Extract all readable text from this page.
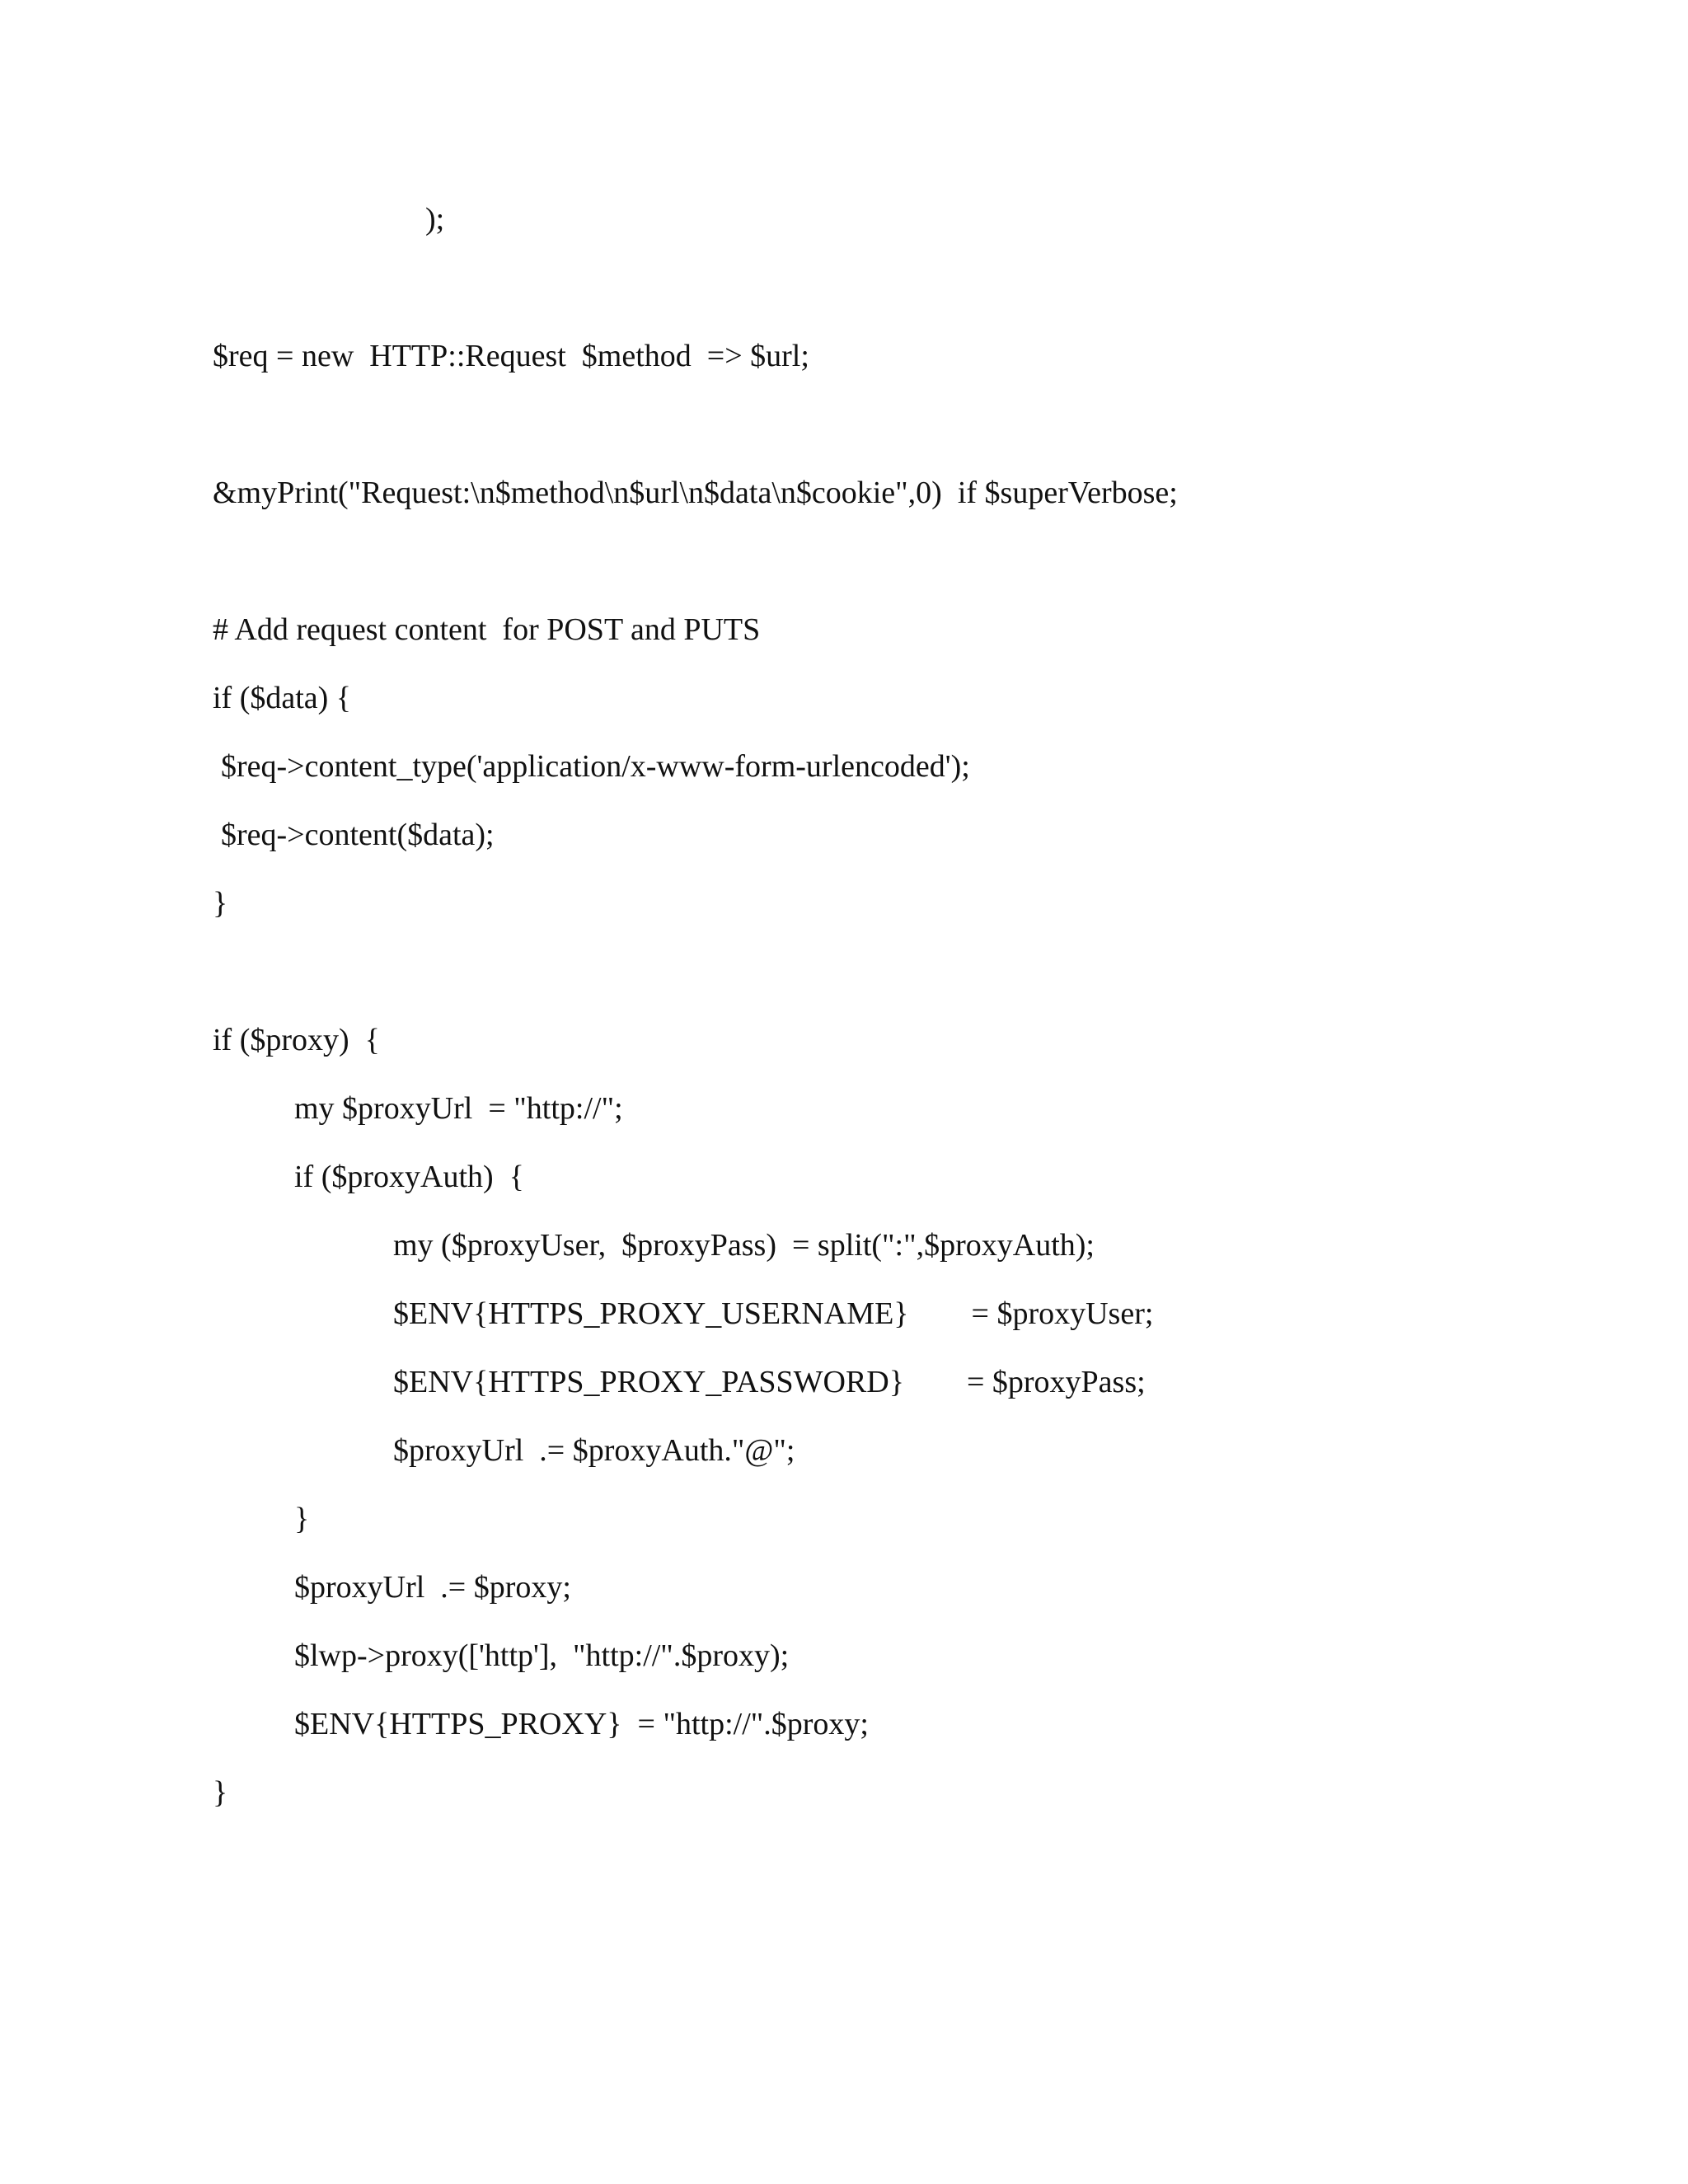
);
$req = new  HTTP::Request  $method  => $url;
&myPrint("Request:\n$method\n$url\n$data\n$cookie",0)  if $superVerbose;
# Add request content  for POST and PUTS
if ($data) {
$req->content_type('application/x-www-form-urlencoded');
$req->content($data);
}
if ($proxy)  {
my $proxyUrl  = "http://";
if ($proxyAuth)  {
my ($proxyUser,  $proxyPass)  = split(":",$proxyAuth);
$ENV{HTTPS_PROXY_USERNAME}        = $proxyUser;
$ENV{HTTPS_PROXY_PASSWORD}        = $proxyPass;
$proxyUrl  .= $proxyAuth."@";
}
$proxyUrl  .= $proxy;
$lwp->proxy(['http'],  "http://".$proxy);
$ENV{HTTPS_PROXY}  = "http://".$proxy;
}
